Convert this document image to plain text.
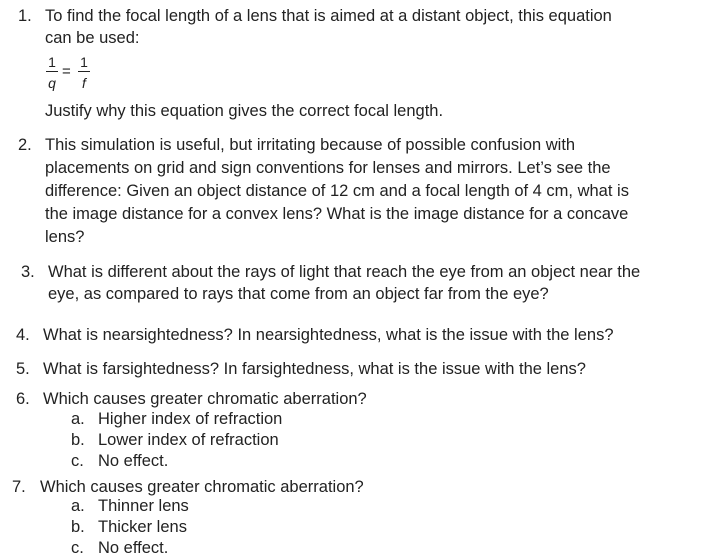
1. To find the focal length of a lens that is aimed at a distant object, this equation
can be used:
1
q
=
1
f
Justify why this equation gives the correct focal length.
2. This simulation is useful, but irritating because of possible confusion with
placements on grid and sign conventions for lenses and mirrors. Let’s see the
difference: Given an object distance of 12 cm and a focal length of 4 cm, what is
the image distance for a convex lens? What is the image distance for a concave
lens?
3. What is different about the rays of light that reach the eye from an object near the
eye, as compared to rays that come from an object far from the eye?
4. What is nearsightedness? In nearsightedness, what is the issue with the lens?
5. What is farsightedness? In farsightedness, what is the issue with the lens?
6. Which causes greater chromatic aberration?
a. Higher index of refraction
b. Lower index of refraction
c. No effect.
7. Which causes greater chromatic aberration?
a. Thinner lens
b. Thicker lens
c. No effect.
